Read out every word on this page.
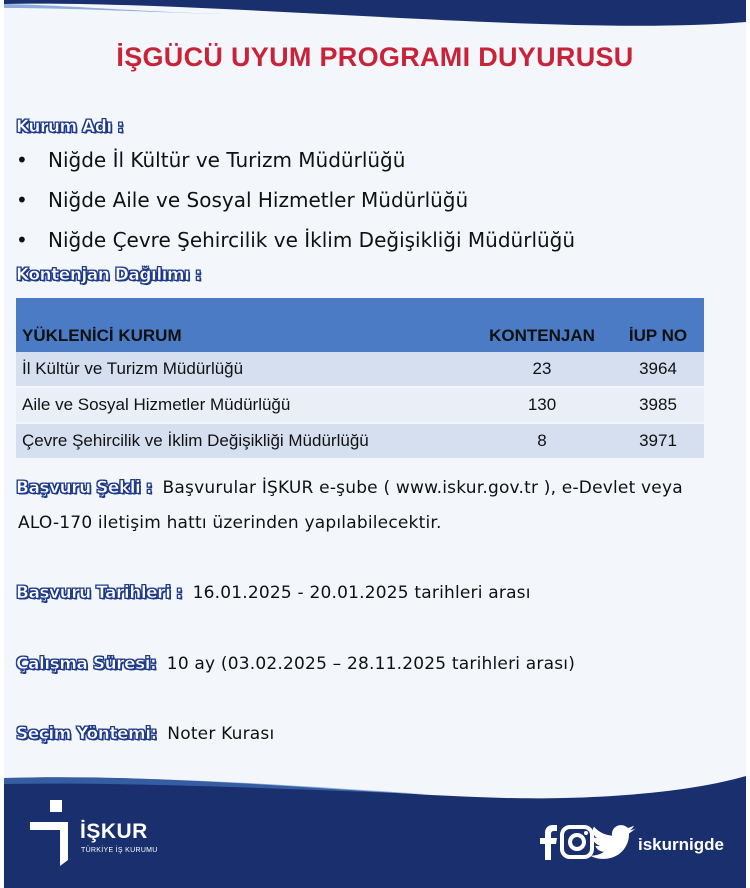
İŞGÜCÜ UYUM PROGRAMI DUYURUSU
Kurum Adı :
• Niğde İl Kültür ve Turizm Müdürlüğü
• Niğde Aile ve Sosyal Hizmetler Müdürlüğü
• Niğde Çevre Şehircilik ve İklim Değişikliği Müdürlüğü
Kontenjan Dağılımı :
YÜKLENİCİ KURUM	KONTENJAN	İUP NO
İl Kültür ve Turizm Müdürlüğü	23	3964
Aile ve Sosyal Hizmetler Müdürlüğü	130	3985
Çevre Şehircilik ve İklim Değişikliği Müdürlüğü	8	3971
Başvuru Şekli : Başvurular İŞKUR e-şube ( www.iskur.gov.tr ), e-Devlet veya
ALO-170 iletişim hattı üzerinden yapılabilecektir.
Başvuru Tarihleri : 16.01.2025 - 20.01.2025 tarihleri arası
Çalışma Süresi: 10 ay (03.02.2025 – 28.11.2025 tarihleri arası)
Seçim Yöntemi: Noter Kurası
İŞKUR
TÜRKİYE İŞ KURUMU	iskurnigde
